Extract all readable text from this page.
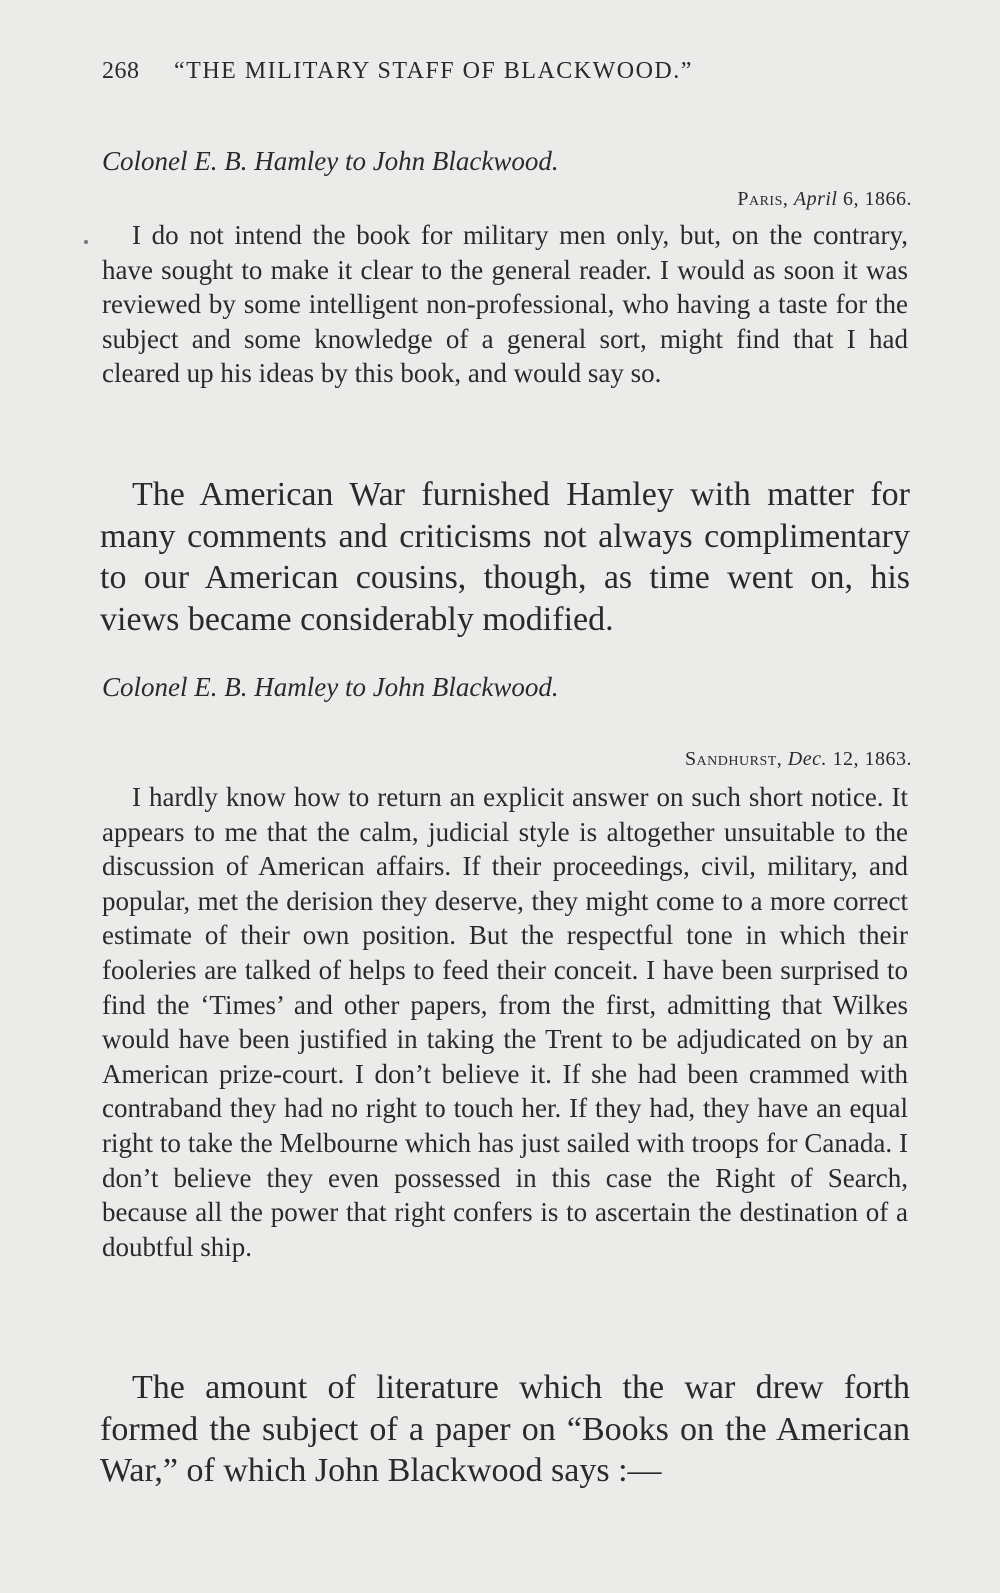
268 “THE MILITARY STAFF OF BLACKWOOD.”
Colonel E. B. Hamley to John Blackwood.
Paris, April 6, 1866.
I do not intend the book for military men only, but, on the contrary, have sought to make it clear to the general reader. I would as soon it was reviewed by some intelligent non-professional, who having a taste for the subject and some knowledge of a general sort, might find that I had cleared up his ideas by this book, and would say so.
The American War furnished Hamley with matter for many comments and criticisms not always complimentary to our American cousins, though, as time went on, his views became considerably modified.
Colonel E. B. Hamley to John Blackwood.
Sandhurst, Dec. 12, 1863.
I hardly know how to return an explicit answer on such short notice. It appears to me that the calm, judicial style is altogether unsuitable to the discussion of American affairs. If their proceedings, civil, military, and popular, met the derision they deserve, they might come to a more correct estimate of their own position. But the respectful tone in which their fooleries are talked of helps to feed their conceit. I have been surprised to find the ‘Times’ and other papers, from the first, admitting that Wilkes would have been justified in taking the Trent to be adjudicated on by an American prize-court. I don’t believe it. If she had been crammed with contraband they had no right to touch her. If they had, they have an equal right to take the Melbourne which has just sailed with troops for Canada. I don’t believe they even possessed in this case the Right of Search, because all the power that right confers is to ascertain the destination of a doubtful ship.
The amount of literature which the war drew forth formed the subject of a paper on “Books on the American War,” of which John Blackwood says :—
